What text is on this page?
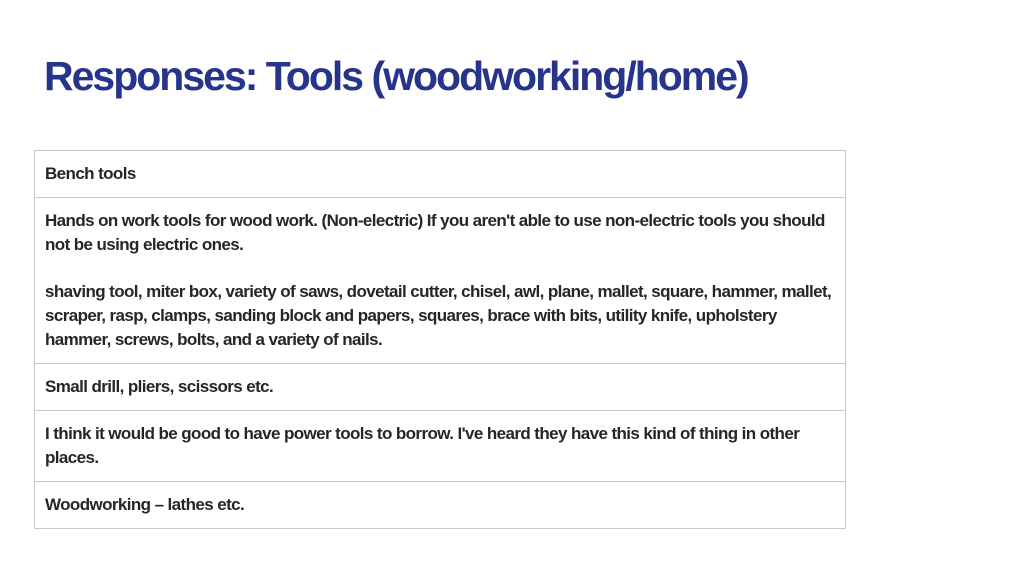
Responses: Tools (woodworking/home)

Bench tools

Hands on work tools for wood work. (Non-electric) If you aren't able to use non-electric tools you should not be using electric ones.

shaving tool, miter box, variety of saws, dovetail cutter, chisel, awl, plane, mallet, square, hammer, mallet, scraper, rasp, clamps, sanding block and papers, squares, brace with bits, utility knife, upholstery hammer, screws, bolts, and a variety of nails.

Small drill, pliers, scissors etc.

I think it would be good to have power tools to borrow. I've heard they have this kind of thing in other places.

Woodworking – lathes etc.
